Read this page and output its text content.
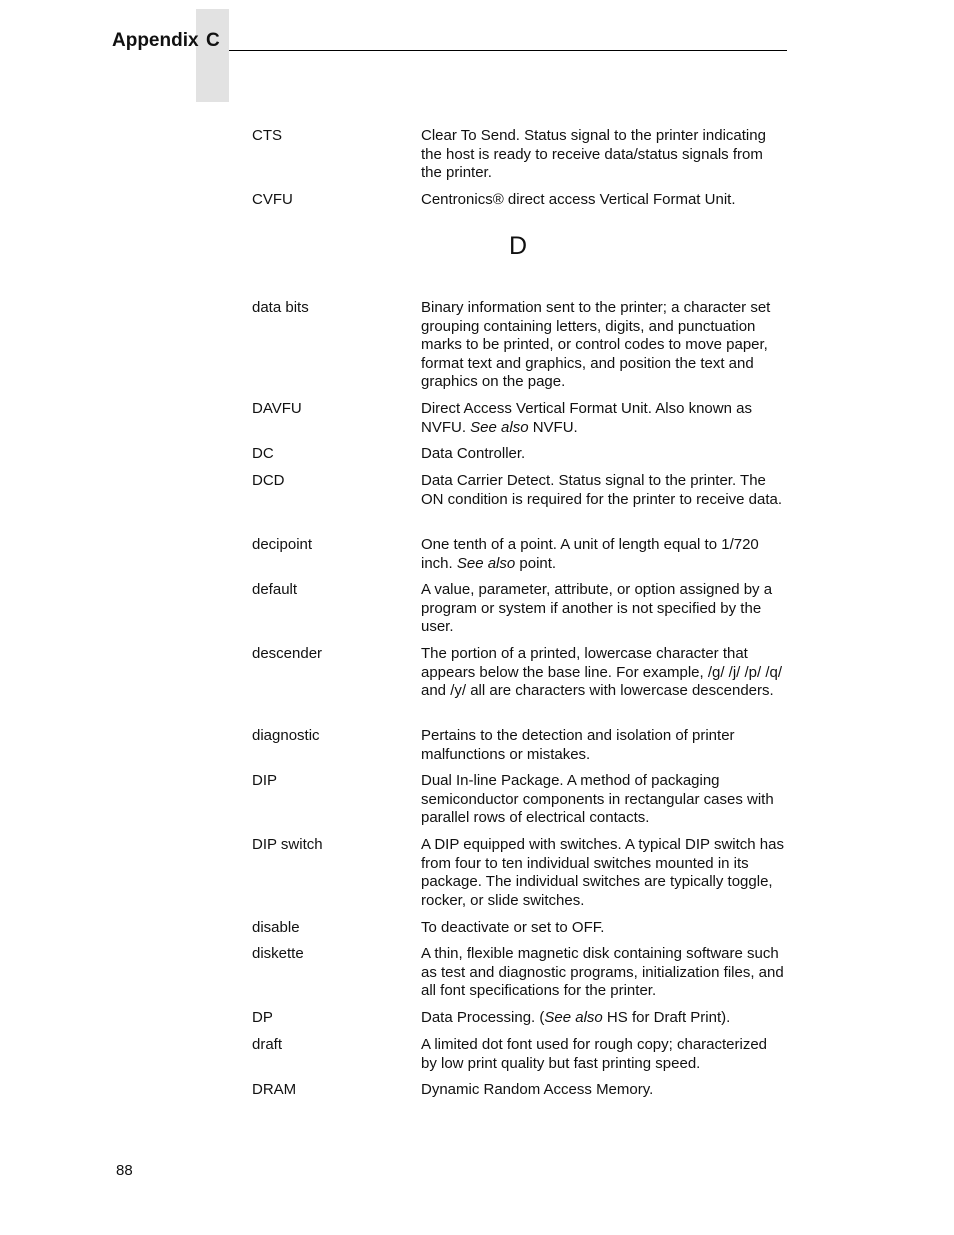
Appendix C
D
CTS	Clear To Send. Status signal to the printer indicating the host is ready to receive data/status signals from the printer.
CVFU	Centronics® direct access Vertical Format Unit.
data bits	Binary information sent to the printer; a character set grouping containing letters, digits, and punctuation marks to be printed, or control codes to move paper, format text and graphics, and position the text and graphics on the page.
DAVFU	Direct Access Vertical Format Unit. Also known as NVFU. See also NVFU.
DC	Data Controller.
DCD	Data Carrier Detect. Status signal to the printer. The ON condition is required for the printer to receive data.
decipoint	One tenth of a point. A unit of length equal to 1/720 inch. See also point.
default	A value, parameter, attribute, or option assigned by a program or system if another is not specified by the user.
descender	The portion of a printed, lowercase character that appears below the base line. For example, /g/ /j/ /p/ /q/ and /y/ all are characters with lowercase descenders.
diagnostic	Pertains to the detection and isolation of printer malfunctions or mistakes.
DIP	Dual In-line Package. A method of packaging semiconductor components in rectangular cases with parallel rows of electrical contacts.
DIP switch	A DIP equipped with switches. A typical DIP switch has from four to ten individual switches mounted in its package. The individual switches are typically toggle, rocker, or slide switches.
disable	To deactivate or set to OFF.
diskette	A thin, flexible magnetic disk containing software such as test and diagnostic programs, initialization files, and all font specifications for the printer.
DP	Data Processing. (See also HS for Draft Print).
draft	A limited dot font used for rough copy; characterized by low print quality but fast printing speed.
DRAM	Dynamic Random Access Memory.
88
